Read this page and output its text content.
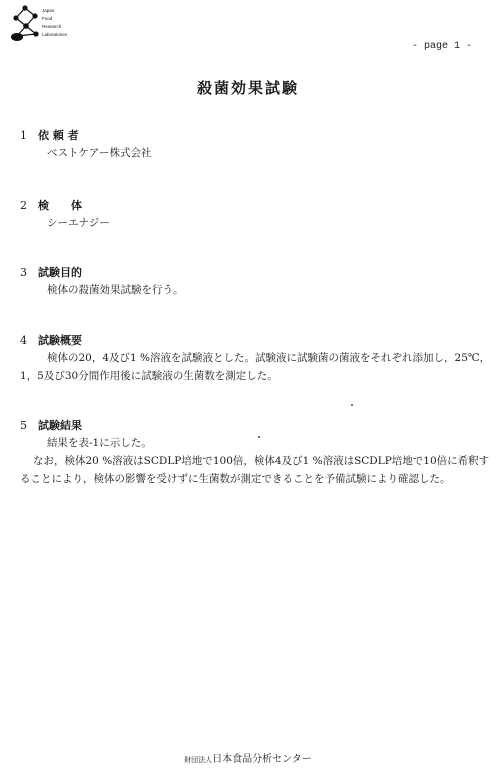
Japan
Food
Research
Laboratories
- page 1 -
殺菌効果試験
1	依 頼 者

ベストケアー株式会社

2	検　　体

シーエナジー

3	試験目的

検体の殺菌効果試験を行う。

4	試験概要

検体の20，4及び1 %溶液を試験液とした。試験液に試験菌の菌液をそれぞれ添加し，25℃，

1，5及び30分間作用後に試験液の生菌数を測定した。

5	試験結果

結果を表-1に示した。

なお，検体20 %溶液はSCDLP培地で100倍，検体4及び1 %溶液はSCDLP培地で10倍に希釈す

ることにより，検体の影響を受けずに生菌数が測定できることを予備試験により確認した。

財団法人日本食品分析センター
